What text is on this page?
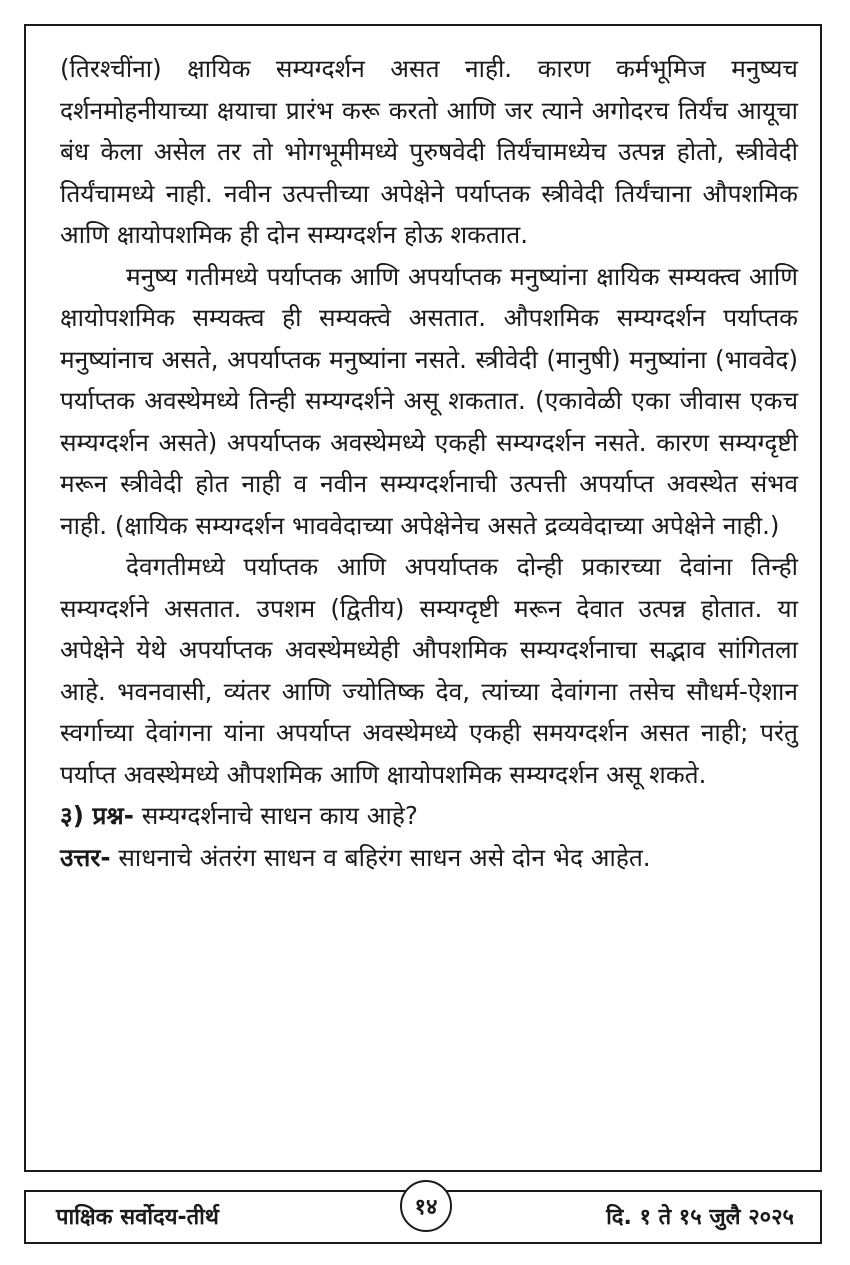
(तिरश्चींना) क्षायिक सम्यग्दर्शन असत नाही. कारण कर्मभूमिज मनुष्यच दर्शनमोहनीयाच्या क्षयाचा प्रारंभ करू करतो आणि जर त्याने अगोदरच तिर्यंच आयूचा बंध केला असेल तर तो भोगभूमीमध्ये पुरुषवेदी तिर्यंचामध्येच उत्पन्न होतो, स्त्रीवेदी तिर्यंचामध्ये नाही. नवीन उत्पत्तीच्या अपेक्षेने पर्याप्तक स्त्रीवेदी तिर्यंचाना औपशमिक आणि क्षायोपशमिक ही दोन सम्यग्दर्शन होऊ शकतात.

मनुष्य गतीमध्ये पर्याप्तक आणि अपर्याप्तक मनुष्यांना क्षायिक सम्यक्त्व आणि क्षायोपशमिक सम्यक्त्व ही सम्यक्त्वे असतात. औपशमिक सम्यग्दर्शन पर्याप्तक मनुष्यांनाच असते, अपर्याप्तक मनुष्यांना नसते. स्त्रीवेदी (मानुषी) मनुष्यांना (भाववेद) पर्याप्तक अवस्थेमध्ये तिन्ही सम्यग्दर्शने असू शकतात. (एकावेळी एका जीवास एकच सम्यग्दर्शन असते) अपर्याप्तक अवस्थेमध्ये एकही सम्यग्दर्शन नसते. कारण सम्यग्दृष्टी मरून स्त्रीवेदी होत नाही व नवीन सम्यग्दर्शनाची उत्पत्ती अपर्याप्त अवस्थेत संभव नाही. (क्षायिक सम्यग्दर्शन भाववेदाच्या अपेक्षेनेच असते द्रव्यवेदाच्या अपेक्षेने नाही.)

देवगतीमध्ये पर्याप्तक आणि अपर्याप्तक दोन्ही प्रकारच्या देवांना तिन्ही सम्यग्दर्शने असतात. उपशम (द्वितीय) सम्यग्दृष्टी मरून देवात उत्पन्न होतात. या अपेक्षेने येथे अपर्याप्तक अवस्थेमध्येही औपशमिक सम्यग्दर्शनाचा सद्भाव सांगितला आहे. भवनवासी, व्यंतर आणि ज्योतिष्क देव, त्यांच्या देवांगना तसेच सौधर्म-ऐशान स्वर्गाच्या देवांगना यांना अपर्याप्त अवस्थेमध्ये एकही समयग्दर्शन असत नाही; परंतु पर्याप्त अवस्थेमध्ये औपशमिक आणि क्षायोपशमिक सम्यग्दर्शन असू शकते.

३) प्रश्न- सम्यग्दर्शनाचे साधन काय आहे?

उत्तर- साधनाचे अंतरंग साधन व बहिरंग साधन असे दोन भेद आहेत.

पाक्षिक सर्वोदय-तीर्थ	१४	दि. १ ते १५ जुलै २०२५
